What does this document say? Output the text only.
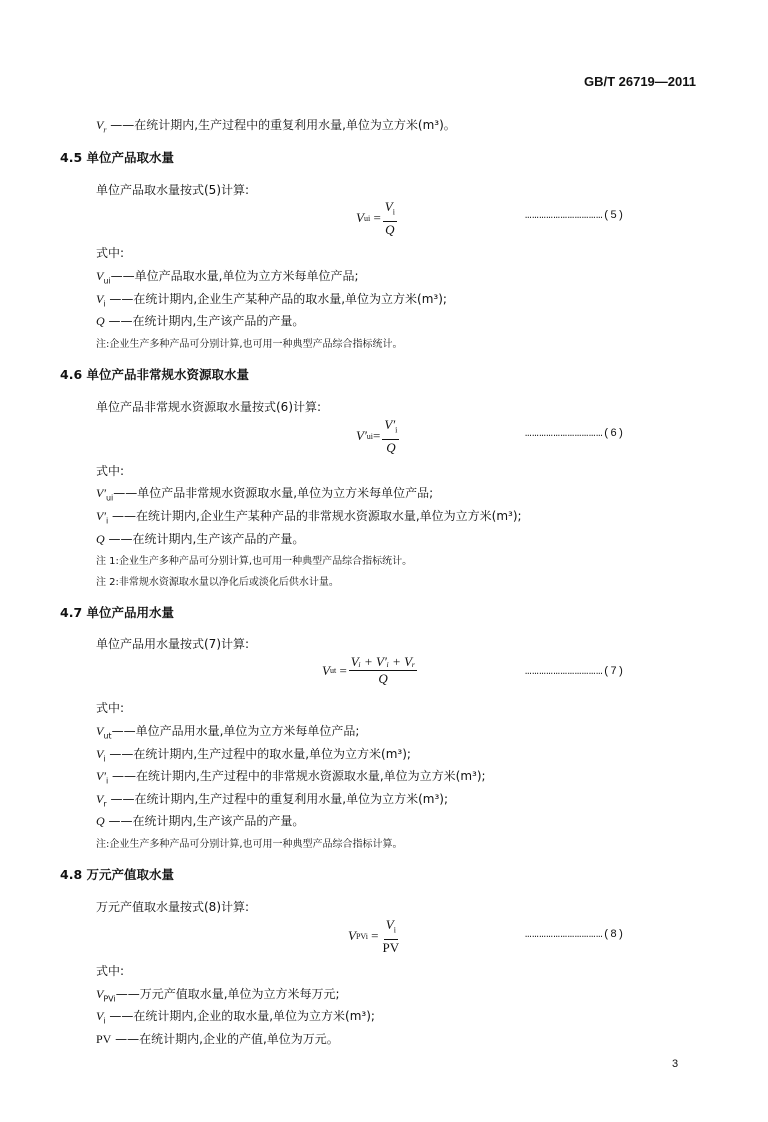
GB/T 26719—2011
$V_r$ ——在统计期内,生产过程中的重复利用水量,单位为立方米(m³)。
4.5 单位产品取水量
单位产品取水量按式(5)计算:
V ui = $\frac{V_i}{Q}$	……………………………(5)
式中:
$V_{ui}——$单位产品取水量,单位为立方米每单位产品;
$V_i$ ——在统计期内,企业生产某种产品的取水量,单位为立方米(m³);
Q ——在统计期内,生产该产品的产量。
注:企业生产多种产品可分别计算,也可用一种典型产品综合指标统计。
4.6 单位产品非常规水资源取水量
单位产品非常规水资源取水量按式(6)计算:
V′ ui = $\frac{V'_i}{Q}$	……………………………(6)
式中:
$V'_{ui}——$单位产品非常规水资源取水量,单位为立方米每单位产品;
$V'_i$ ——在统计期内,企业生产某种产品的非常规水资源取水量,单位为立方米(m³);
Q ——在统计期内,生产该产品的产量。
注 1:企业生产多种产品可分别计算,也可用一种典型产品综合指标统计。
注 2:非常规水资源取水量以净化后或淡化后供水计量。
4.7 单位产品用水量
单位产品用水量按式(7)计算:
V ut = $\frac{\text{Vᵢ + V′ᵢ + Vᵣ}}{Q}$	……………………………(7)
式中:
$V_{ut}——$单位产品用水量,单位为立方米每单位产品;
$V_i$ ——在统计期内,生产过程中的取水量,单位为立方米(m³);
$V'_i$ ——在统计期内,生产过程中的非常规水资源取水量,单位为立方米(m³);
$V_r$ ——在统计期内,生产过程中的重复利用水量,单位为立方米(m³);
Q ——在统计期内,生产该产品的产量。
注:企业生产多种产品可分别计算,也可用一种典型产品综合指标计算。
4.8 万元产值取水量
万元产值取水量按式(8)计算:
V PVi = $\frac{V_i}{PV}$	……………………………(8)
式中:
$V_{PVi}——$万元产值取水量,单位为立方米每万元;
$V_i$ ——在统计期内,企业的取水量,单位为立方米(m³);
PV ——在统计期内,企业的产值,单位为万元。
3
